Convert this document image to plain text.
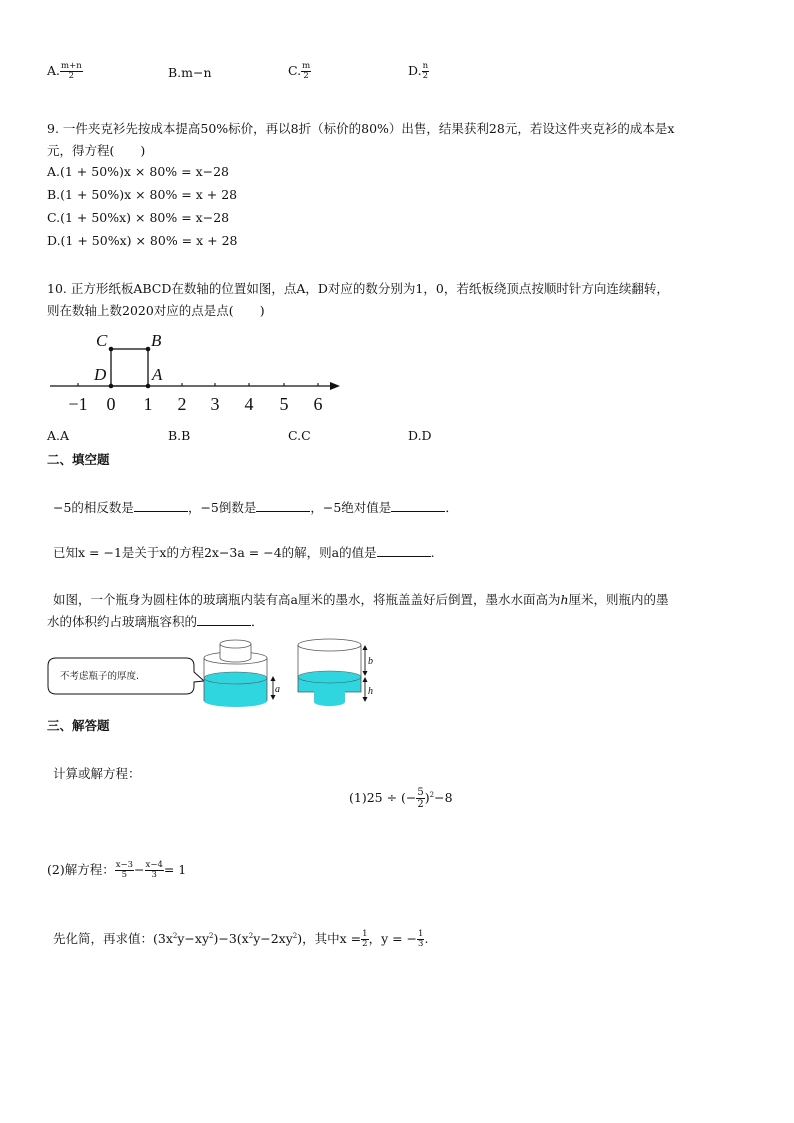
A. $\frac{m+n}{2}$	B.m−n	C. $\frac{m}{2}$	D. $\frac{n}{2}$
9. 一件夹克衫先按成本提高50%标价，再以8折（标价的80%）出售，结果获利28元，若设这件夹克衫的成本是x
元，得方程( )
A.(1 + 50%)x × 80% = x−28
B.(1 + 50%)x × 80% = x + 28
C.(1 + 50%x) × 80% = x−28
D.(1 + 50%x) × 80% = x + 28
10. 正方形纸板ABCD在数轴的位置如图，点A，D对应的数分别为1，0，若纸板绕顶点按顺时针方向连续翻转，
则在数轴上数2020对应的点是点( )
C	B
D	A
−1 0 1 2 3 4 5 6
A.A	B.B	C.C	D.D
二、填空题
−5的相反数是	，−5倒数是	，−5绝对值是	．
已知x = −1是关于x的方程2x−3a = −4的解，则a的值是	.
如图，一个瓶身为圆柱体的玻璃瓶内装有高a厘米的墨水，将瓶盖盖好后倒置，墨水水面高为h厘米，则瓶内的墨
水的体积约占玻璃瓶容积的	．
不考虑瓶子的厚度.
a
b
h
三、解答题
计算或解方程：
(1)25 ÷ (− $\frac{5}{2} )^2-8$
(2)解方程： $\frac{x-3}{5} - \frac{x-4}{3} = 1$
先化简，再求值：$(3x^2y-xy^2)-3(x^2y-2xy^2)$，其中$x = \frac{1}{2}$ ，y = − $\frac{1}{3}$ .
